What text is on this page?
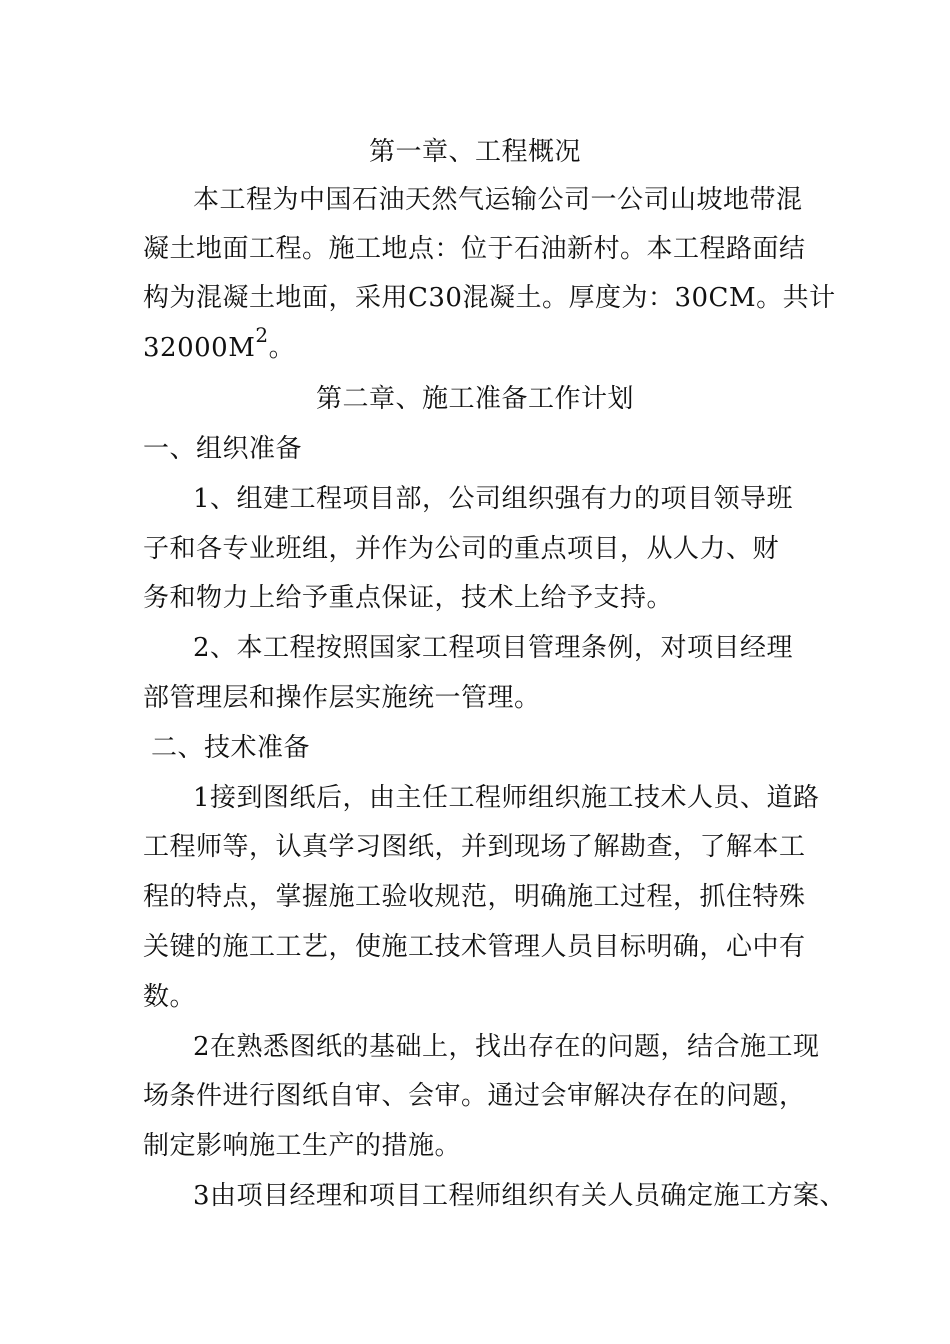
第一章、工程概况
本工程为中国石油天然气运输公司一公司山坡地带混
凝土地面工程。施工地点：位于石油新村。本工程路面结
构为混凝土地面，采用C30混凝土。厚度为：30CM。共计
$32000M^2$。
第二章、施工准备工作计划
一、组织准备
1、组建工程项目部，公司组织强有力的项目领导班
子和各专业班组，并作为公司的重点项目，从人力、财
务和物力上给予重点保证，技术上给予支持。
2、本工程按照国家工程项目管理条例，对项目经理
部管理层和操作层实施统一管理。
二、技术准备
1接到图纸后，由主任工程师组织施工技术人员、道路
工程师等，认真学习图纸，并到现场了解勘查，了解本工
程的特点，掌握施工验收规范，明确施工过程，抓住特殊
关键的施工工艺，使施工技术管理人员目标明确，心中有
数。
2在熟悉图纸的基础上，找出存在的问题，结合施工现
场条件进行图纸自审、会审。通过会审解决存在的问题，
制定影响施工生产的措施。
3由项目经理和项目工程师组织有关人员确定施工方案、
